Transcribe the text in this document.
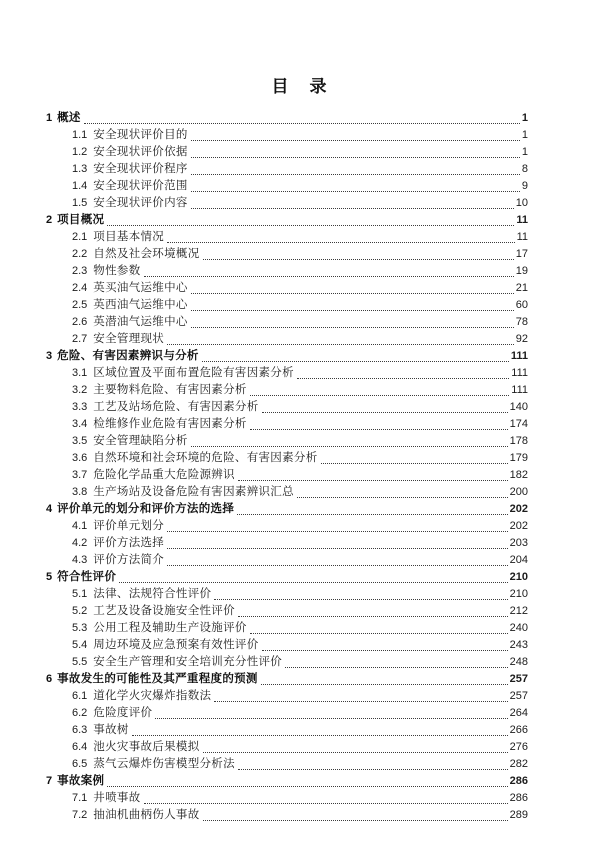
目　录
1 概述	1
1.1 安全现状评价目的	1
1.2 安全现状评价依据	1
1.3 安全现状评价程序	8
1.4 安全现状评价范围	9
1.5 安全现状评价内容	10
2 项目概况	11
2.1 项目基本情况	11
2.2 自然及社会环境概况	17
2.3 物性参数	19
2.4 英买油气运维中心	21
2.5 英西油气运维中心	60
2.6 英潜油气运维中心	78
2.7 安全管理现状	92
3 危险、有害因素辨识与分析	111
3.1 区域位置及平面布置危险有害因素分析	111
3.2 主要物料危险、有害因素分析	111
3.3 工艺及站场危险、有害因素分析	140
3.4 检维修作业危险有害因素分析	174
3.5 安全管理缺陷分析	178
3.6 自然环境和社会环境的危险、有害因素分析	179
3.7 危险化学品重大危险源辨识	182
3.8 生产场站及设备危险有害因素辨识汇总	200
4 评价单元的划分和评价方法的选择	202
4.1 评价单元划分	202
4.2 评价方法选择	203
4.3 评价方法简介	204
5 符合性评价	210
5.1 法律、法规符合性评价	210
5.2 工艺及设备设施安全性评价	212
5.3 公用工程及辅助生产设施评价	240
5.4 周边环境及应急预案有效性评价	243
5.5 安全生产管理和安全培训充分性评价	248
6 事故发生的可能性及其严重程度的预测	257
6.1 道化学火灾爆炸指数法	257
6.2 危险度评价	264
6.3 事故树	266
6.4 池火灾事故后果模拟	276
6.5 蒸气云爆炸伤害模型分析法	282
7 事故案例	286
7.1 井喷事故	286
7.2 抽油机曲柄伤人事故	289
